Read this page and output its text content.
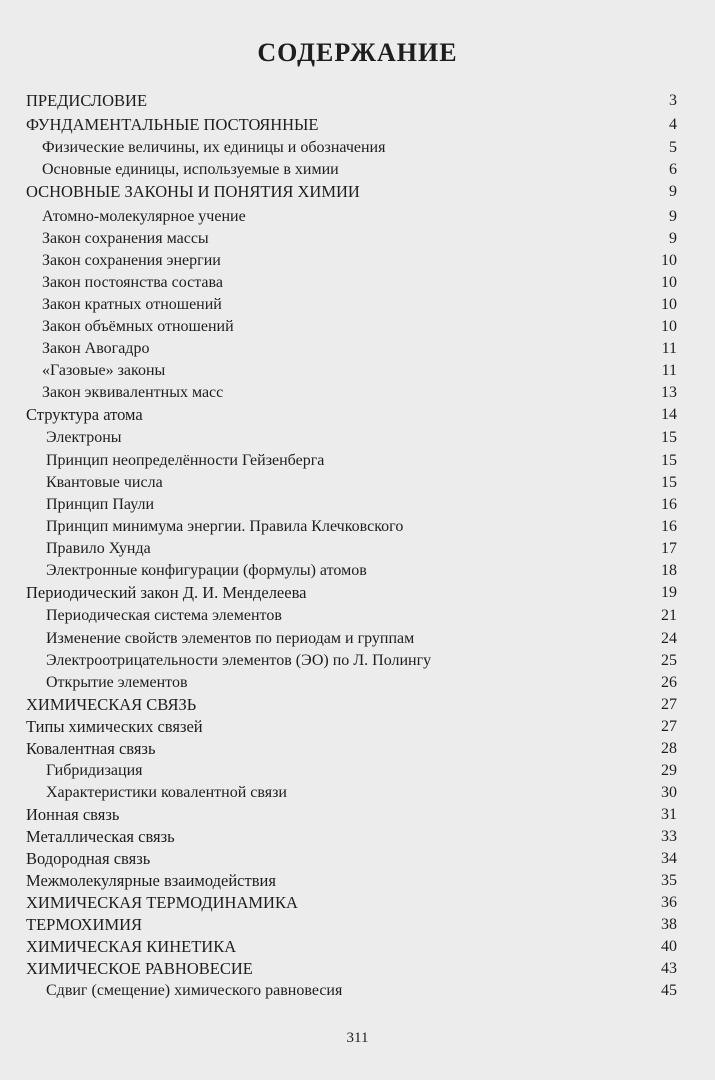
СОДЕРЖАНИЕ
ПРЕДИСЛОВИЕ	3
ФУНДАМЕНТАЛЬНЫЕ ПОСТОЯННЫЕ	4
Физические величины, их единицы и обозначения	5
Основные единицы, используемые в химии	6
ОСНОВНЫЕ ЗАКОНЫ И ПОНЯТИЯ ХИМИИ	9
Атомно-молекулярное учение	9
Закон сохранения массы	9
Закон сохранения энергии	10
Закон постоянства состава	10
Закон кратных отношений	10
Закон объёмных отношений	10
Закон Авогадро	11
«Газовые» законы	11
Закон эквивалентных масс	13
Структура атома	14
Электроны	15
Принцип неопределённости Гейзенберга	15
Квантовые числа	15
Принцип Паули	16
Принцип минимума энергии. Правила Клечковского	16
Правило Хунда	17
Электронные конфигурации (формулы) атомов	18
Периодический закон Д. И. Менделеева	19
Периодическая система элементов	21
Изменение свойств элементов по периодам и группам	24
Электроотрицательности элементов (ЭО) по Л. Полингу	25
Открытие элементов	26
ХИМИЧЕСКАЯ СВЯЗЬ	27
Типы химических связей	27
Ковалентная связь	28
Гибридизация	29
Характеристики ковалентной связи	30
Ионная связь	31
Металлическая связь	33
Водородная связь	34
Межмолекулярные взаимодействия	35
ХИМИЧЕСКАЯ ТЕРМОДИНАМИКА	36
ТЕРМОХИМИЯ	38
ХИМИЧЕСКАЯ КИНЕТИКА	40
ХИМИЧЕСКОЕ РАВНОВЕСИЕ	43
Сдвиг (смещение) химического равновесия	45
311
